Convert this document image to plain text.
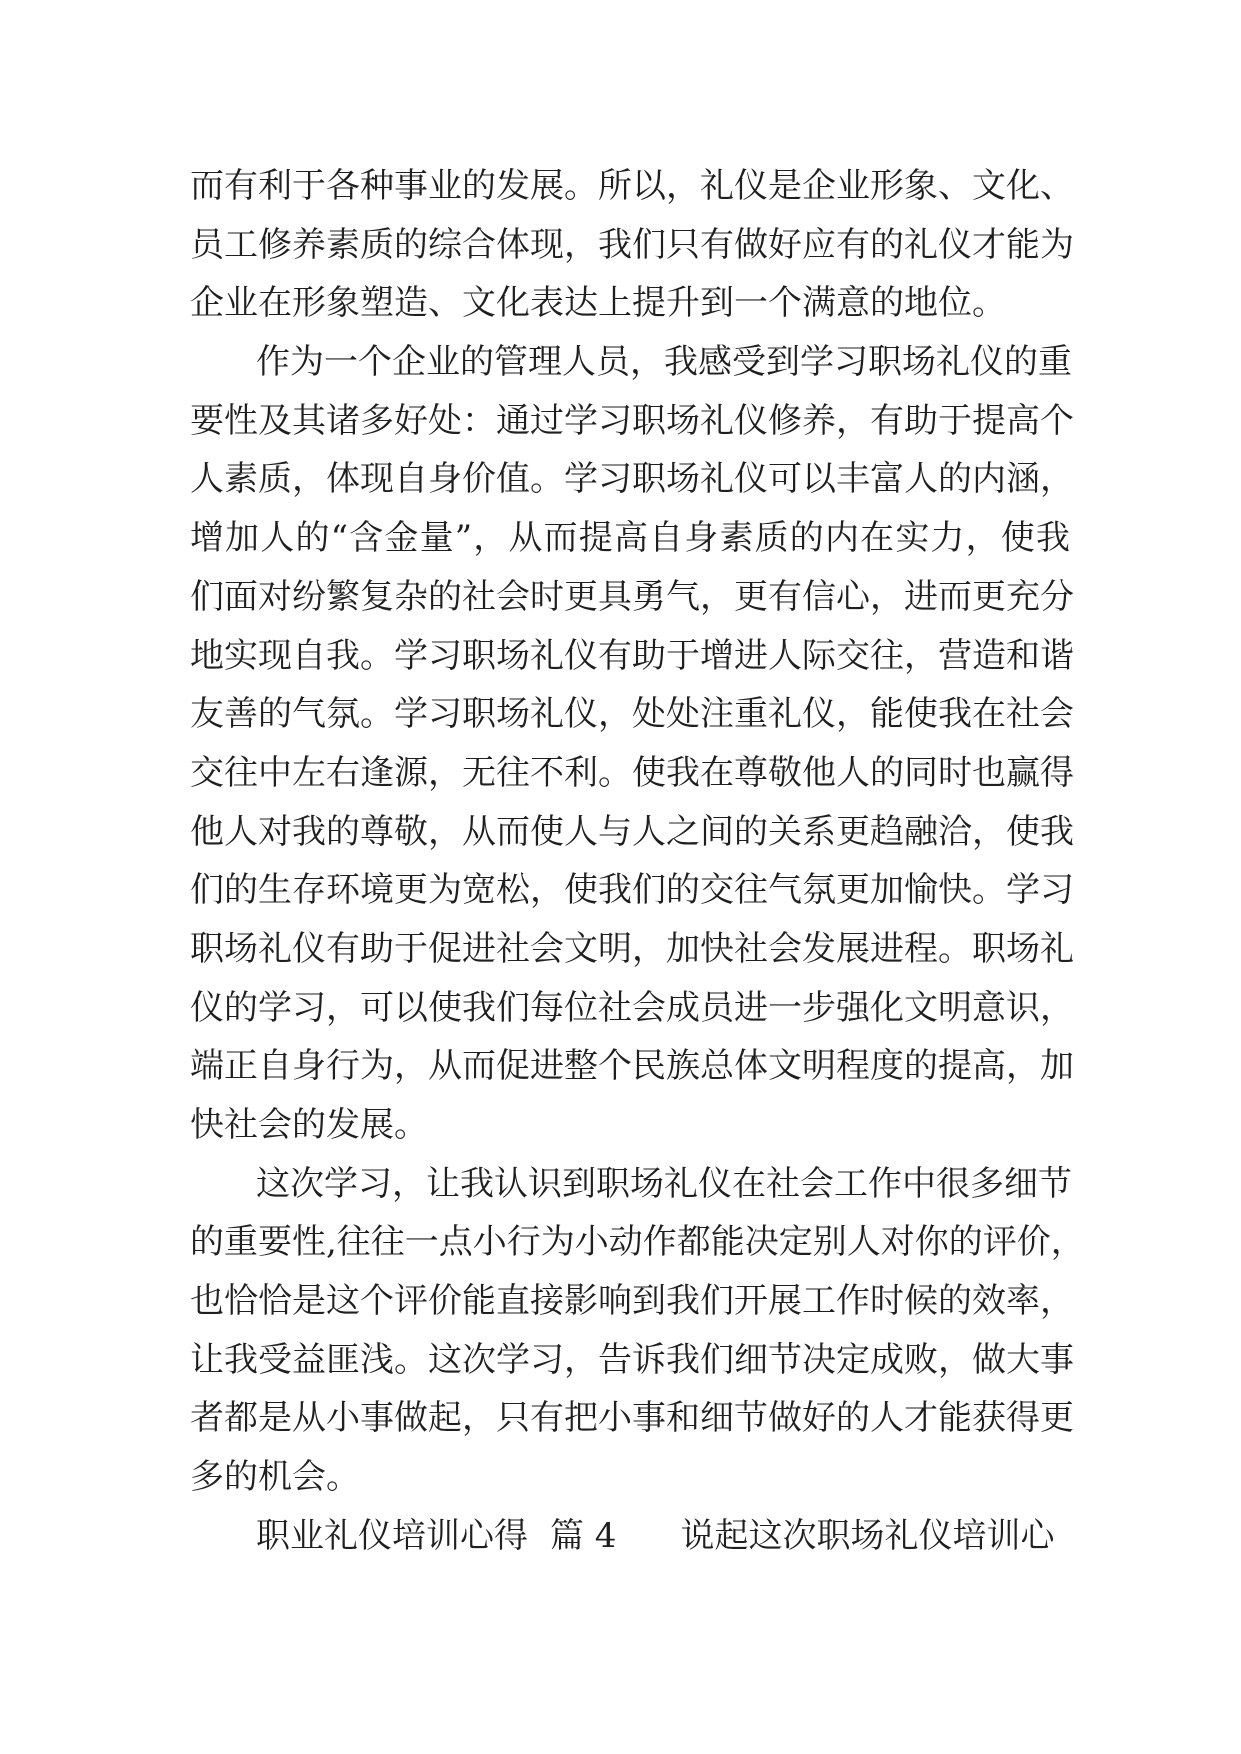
而有利于各种事业的发展。所以，礼仪是企业形象、文化、
员工修养素质的综合体现，我们只有做好应有的礼仪才能为
企业在形象塑造、文化表达上提升到一个满意的地位。
作为一个企业的管理人员，我感受到学习职场礼仪的重
要性及其诸多好处：通过学习职场礼仪修养，有助于提高个
人素质，体现自身价值。学习职场礼仪可以丰富人的内涵，
增加人的“含金量”，从而提高自身素质的内在实力，使我
们面对纷繁复杂的社会时更具勇气，更有信心，进而更充分
地实现自我。学习职场礼仪有助于增进人际交往，营造和谐
友善的气氛。学习职场礼仪，处处注重礼仪，能使我在社会
交往中左右逢源，无往不利。使我在尊敬他人的同时也赢得
他人对我的尊敬，从而使人与人之间的关系更趋融洽，使我
们的生存环境更为宽松，使我们的交往气氛更加愉快。学习
职场礼仪有助于促进社会文明，加快社会发展进程。职场礼
仪的学习，可以使我们每位社会成员进一步强化文明意识，
端正自身行为，从而促进整个民族总体文明程度的提高，加
快社会的发展。
这次学习，让我认识到职场礼仪在社会工作中很多细节
的重要性,往往一点小行为小动作都能决定别人对你的评价，
也恰恰是这个评价能直接影响到我们开展工作时候的效率，
让我受益匪浅。这次学习，告诉我们细节决定成败，做大事
者都是从小事做起，只有把小事和细节做好的人才能获得更
多的机会。
职业礼仪培训心得 篇 4 说起这次职场礼仪培训心
